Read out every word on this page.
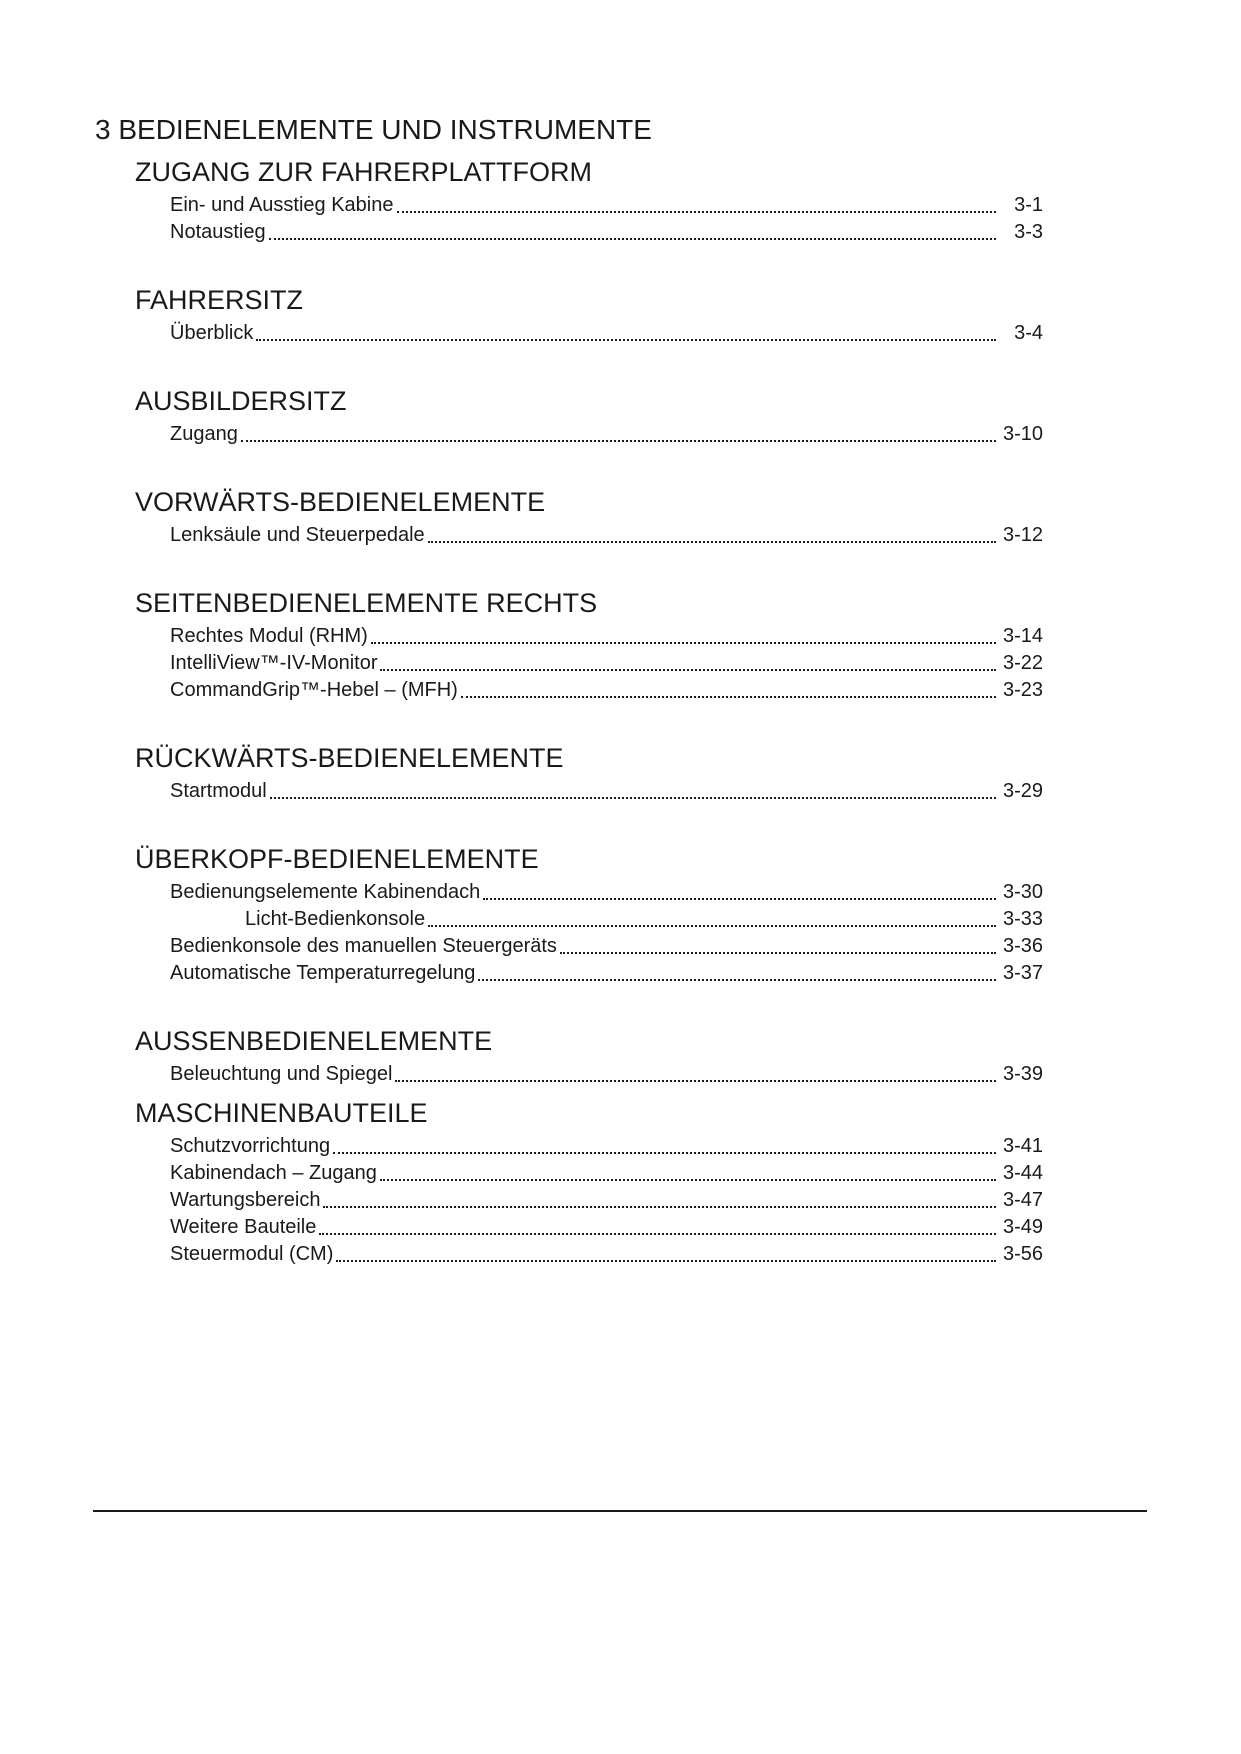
3 BEDIENELEMENTE UND INSTRUMENTE
ZUGANG ZUR FAHRERPLATTFORM
Ein- und Ausstieg Kabine	3-1
Notaustieg	3-3
FAHRERSITZ
Überblick	3-4
AUSBILDERSITZ
Zugang	3-10
VORWÄRTS-BEDIENELEMENTE
Lenksäule und Steuerpedale	3-12
SEITENBEDIENELEMENTE RECHTS
Rechtes Modul (RHM)	3-14
IntelliView™-IV-Monitor	3-22
CommandGrip™-Hebel – (MFH)	3-23
RÜCKWÄRTS-BEDIENELEMENTE
Startmodul	3-29
ÜBERKOPF-BEDIENELEMENTE
Bedienungselemente Kabinendach	3-30
Licht-Bedienkonsole	3-33
Bedienkonsole des manuellen Steuergeräts	3-36
Automatische Temperaturregelung	3-37
AUSSENBEDIENELEMENTE
Beleuchtung und Spiegel	3-39
MASCHINENBAUTEILE
Schutzvorrichtung	3-41
Kabinendach – Zugang	3-44
Wartungsbereich	3-47
Weitere Bauteile	3-49
Steuermodul (CM)	3-56
